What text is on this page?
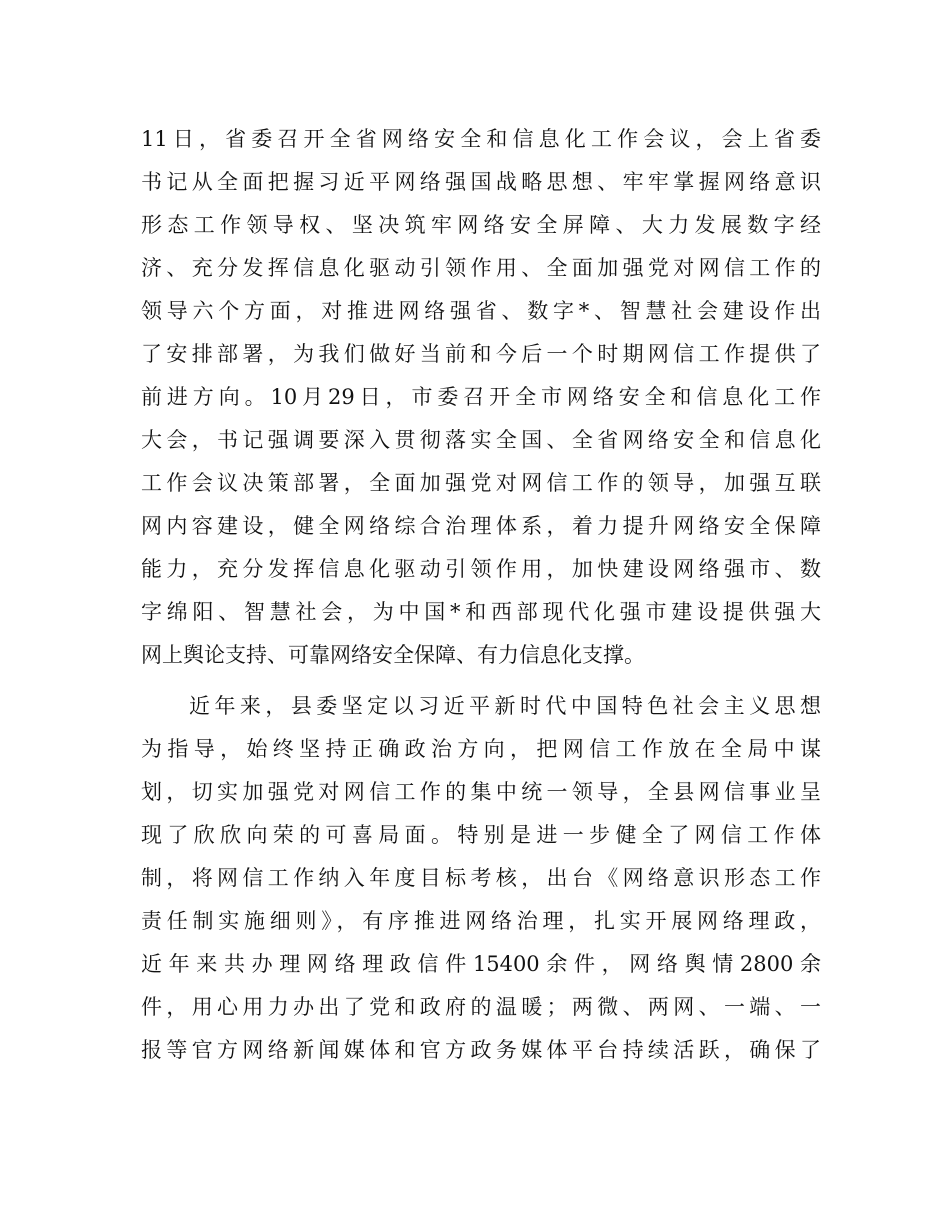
11日，省委召开全省网络安全和信息化工作会议，会上省委
书记从全面把握习近平网络强国战略思想、牢牢掌握网络意识
形态工作领导权、坚决筑牢网络安全屏障、大力发展数字经
济、充分发挥信息化驱动引领作用、全面加强党对网信工作的
领导六个方面，对推进网络强省、数字*、智慧社会建设作出
了安排部署，为我们做好当前和今后一个时期网信工作提供了
前进方向。10月29日，市委召开全市网络安全和信息化工作
大会，书记强调要深入贯彻落实全国、全省网络安全和信息化
工作会议决策部署，全面加强党对网信工作的领导，加强互联
网内容建设，健全网络综合治理体系，着力提升网络安全保障
能力，充分发挥信息化驱动引领作用，加快建设网络强市、数
字绵阳、智慧社会，为中国*和西部现代化强市建设提供强大
网上舆论支持、可靠网络安全保障、有力信息化支撑。
近年来，县委坚定以习近平新时代中国特色社会主义思想
为指导，始终坚持正确政治方向，把网信工作放在全局中谋
划，切实加强党对网信工作的集中统一领导，全县网信事业呈
现了欣欣向荣的可喜局面。特别是进一步健全了网信工作体
制，将网信工作纳入年度目标考核，出台《网络意识形态工作
责任制实施细则》，有序推进网络治理，扎实开展网络理政，
近年来共办理网络理政信件15400余件，网络舆情2800余
件，用心用力办出了党和政府的温暖；两微、两网、一端、一
报等官方网络新闻媒体和官方政务媒体平台持续活跃，确保了
